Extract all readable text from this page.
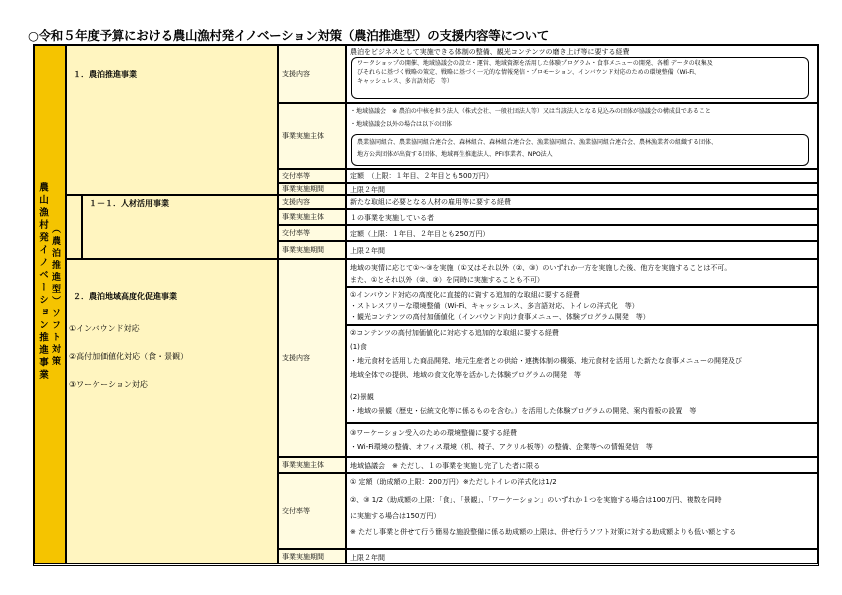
○令和５年度予算における農山漁村発イノベーション対策（農泊推進型）の支援内容等について
農山漁村発イノベーション推進事業 （農泊推進型）ソフト対策
１．農泊推進事業
１－１．人材活用事業
２．農泊地域高度化促進事業
①インバウンド対応
②高付加価値化対応（食・景観）
③ワーケーション対応
支援内容
事業実施主体
交付率等
事業実施期間
支援内容
事業実施主体
交付率等
事業実施期間
支援内容
事業実施主体
交付率等
事業実施期間
農泊をビジネスとして実施できる体制の整備、観光コンテンツの磨き上げ等に要する経費
ワークショップの開催、地域協議会の設立・運営、地域資源を活用した体験プログラム・食事メニューの開発、各種 データの収集及
びそれらに基づく戦略の策定、戦略に基づく一元的な情報発信・プロモーション、インバウンド対応のための環境整備（Wi-Fi、
キャッシュレス、多言語対応　等）
・地域協議会　※ 農泊の中核を担う法人（株式会社、一般社団法人等）又は当該法人となる見込みの団体が協議会の構成員であること
・地域協議会以外の場合は以下の団体
農業協同組合、農業協同組合連合会、森林組合、森林組合連合会、漁業協同組合、漁業協同組合連合会、農林漁業者の組織する団体、
地方公共団体が出資する団体、地域再生推進法人、PFI事業者、NPO法人
定額　（上限：１年目、２年目とも500万円）
上限２年間
新たな取組に必要となる人材の雇用等に要する経費
１の事業を実施している者
定額（上限：１年目、２年目とも250万円）
上限２年間
地域の実情に応じて①～③を実施（①又はそれ以外（②、③）のいずれか一方を実施した後、他方を実施することは不可。
また、①とそれ以外（②、③）を同時に実施することも不可）
①インバウンド対応の高度化に直接的に資する追加的な取組に要する経費
・ストレスフリーな環境整備（Wi-Fi、キャッシュレス、多言語対応、トイレの洋式化　等）
・観光コンテンツの高付加価値化（インバウンド向け食事メニュー、体験プログラム開発　等）
②コンテンツの高付加価値化に対応する追加的な取組に要する経費
(1)食
・地元食材を活用した商品開発、地元生産者との供給・連携体制の構築、地元食材を活用した新たな食事メニューの開発及び
地域全体での提供、地域の食文化等を活かした体験プログラムの開発　等
(2)景観
・地域の景観（歴史・伝統文化等に係るものを含む。）を活用した体験プログラムの開発、案内看板の設置　等
③ワーケーション受入のための環境整備に要する経費
・Wi-Fi環境の整備、オフィス環境（机、椅子、アクリル板等）の整備、企業等への情報発信　等
地域協議会　※ ただし、１の事業を実施し完了した者に限る
① 定額（助成額の上限：200万円）※ただしトイレの洋式化は1/2
②、③ 1/2（助成額の上限：「食」、「景観」、「ワーケーション」のいずれか１つを実施する場合は100万円、複数を同時
に実施する場合は150万円）
※ ただし事業と併せて行う簡易な施設整備に係る助成額の上限は、併せ行うソフト対策に対する助成額よりも低い額とする
上限２年間
